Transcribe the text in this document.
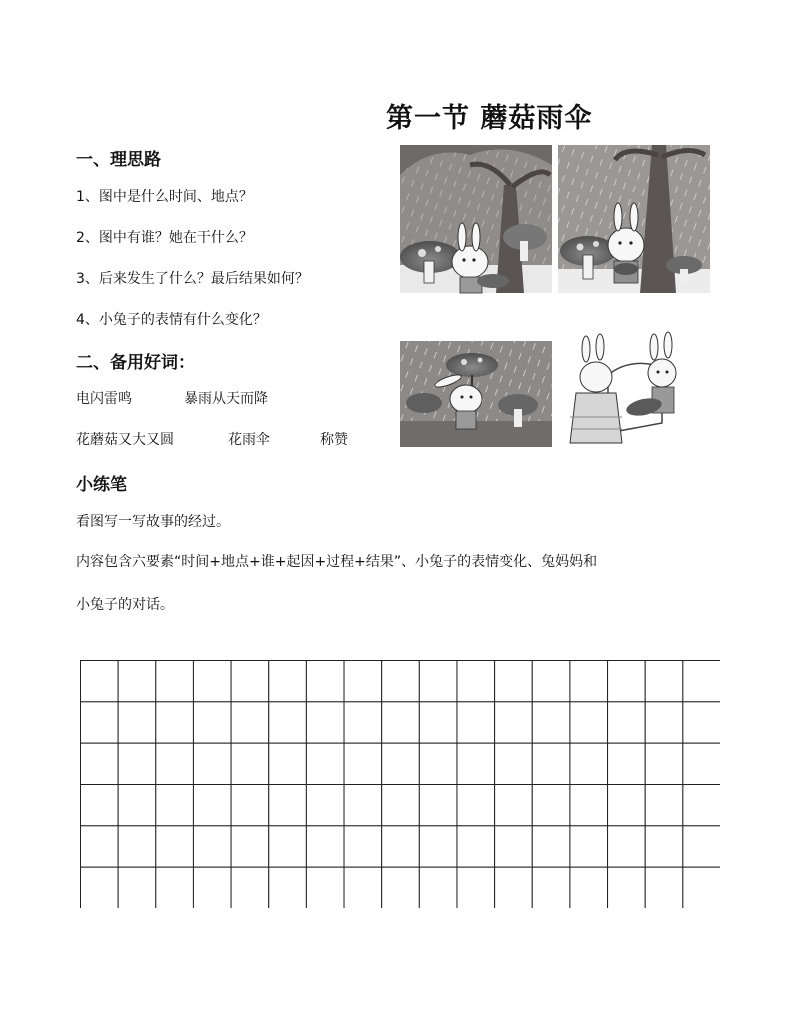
第一节 蘑菇雨伞
一、理思路
1、图中是什么时间、地点？
2、图中有谁？她在干什么？
3、后来发生了什么？最后结果如何？
4、小兔子的表情有什么变化？
二、备用好词：
电闪雷鸣	暴雨从天而降
花蘑菇又大又圆	花雨伞	称赞
小练笔
看图写一写故事的经过。
内容包含六要素“时间+地点+谁+起因+过程+结果”、小兔子的表情变化、兔妈妈和
小兔子的对话。
